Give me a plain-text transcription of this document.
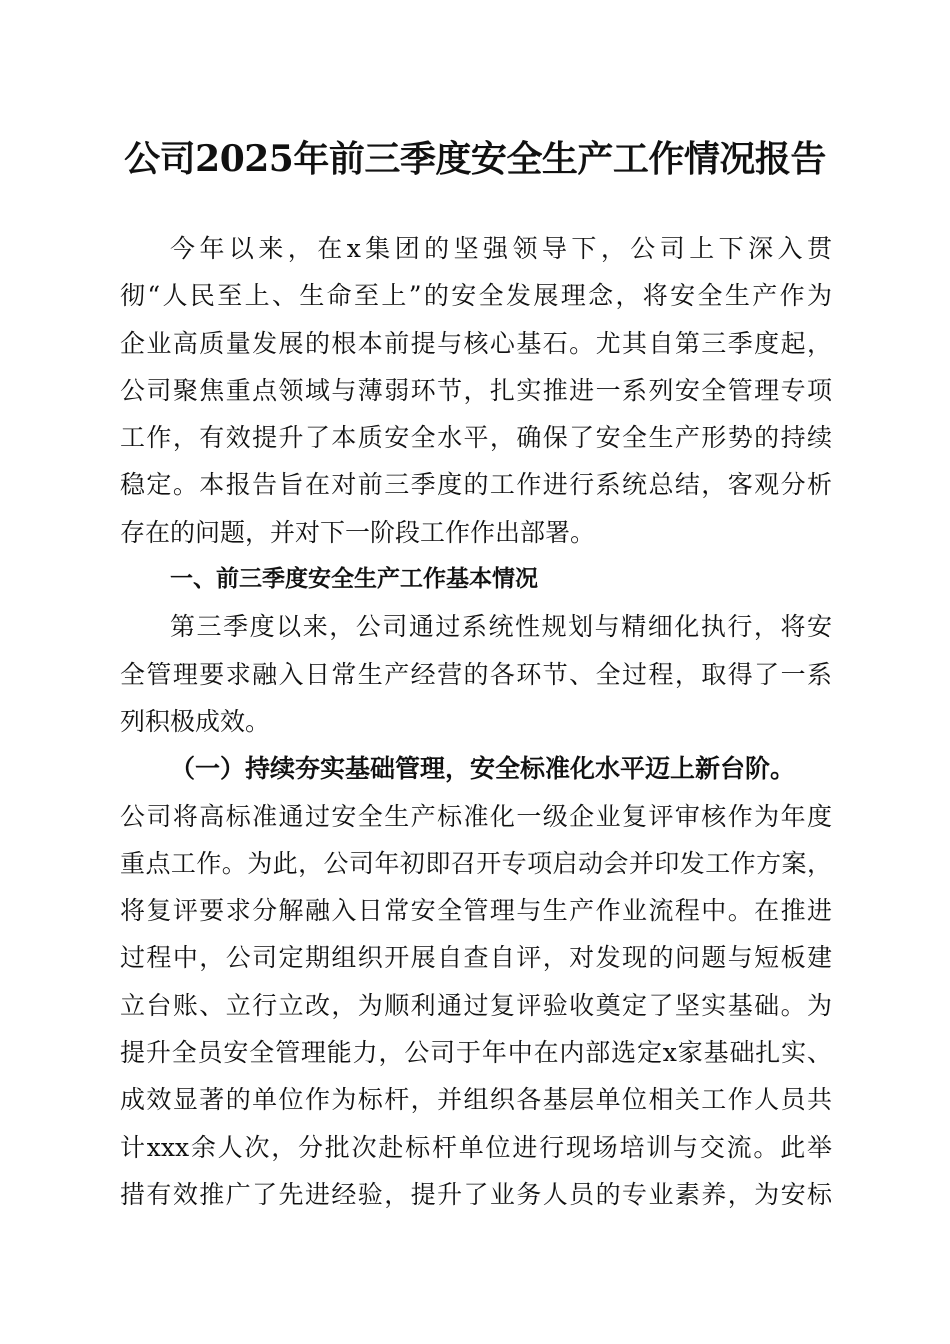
公司2025年前三季度安全生产工作情况报告
今年以来，在x集团的坚强领导下，公司上下深入贯
彻“人民至上、生命至上”的安全发展理念，将安全生产作为
企业高质量发展的根本前提与核心基石。尤其自第三季度起，
公司聚焦重点领域与薄弱环节，扎实推进一系列安全管理专项
工作，有效提升了本质安全水平，确保了安全生产形势的持续
稳定。本报告旨在对前三季度的工作进行系统总结，客观分析
存在的问题，并对下一阶段工作作出部署。
一、前三季度安全生产工作基本情况
第三季度以来，公司通过系统性规划与精细化执行，将安
全管理要求融入日常生产经营的各环节、全过程，取得了一系
列积极成效。
（一）持续夯实基础管理，安全标准化水平迈上新台阶。
公司将高标准通过安全生产标准化一级企业复评审核作为年度
重点工作。为此，公司年初即召开专项启动会并印发工作方案，
将复评要求分解融入日常安全管理与生产作业流程中。在推进
过程中，公司定期组织开展自查自评，对发现的问题与短板建
立台账、立行立改，为顺利通过复评验收奠定了坚实基础。为
提升全员安全管理能力，公司于年中在内部选定x家基础扎实、
成效显著的单位作为标杆，并组织各基层单位相关工作人员共
计xxx余人次，分批次赴标杆单位进行现场培训与交流。此举
措有效推广了先进经验，提升了业务人员的专业素养，为安标
